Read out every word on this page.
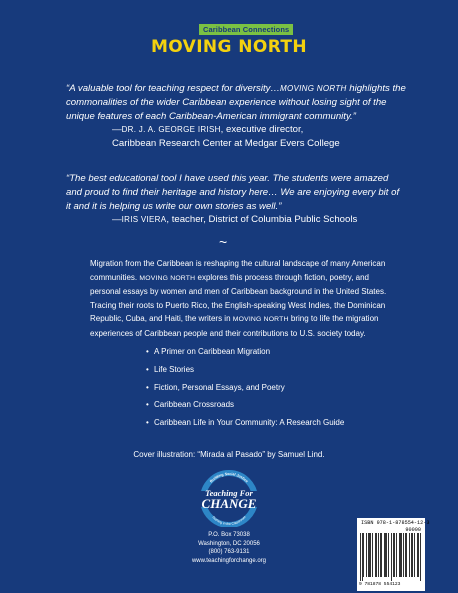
Caribbean Connections
MOVING NORTH
“A valuable tool for teaching respect for diversity…MOVING NORTH highlights the commonalities of the wider Caribbean experience without losing sight of the unique features of each Caribbean-American immigrant community.”
—DR. J. A. GEORGE IRISH, executive director,
Caribbean Research Center at Medgar Evers College
“The best educational tool I have used this year. The students were amazed and proud to find their heritage and history here… We are enjoying every bit of it and it is helping us write our own stories as well.”
—IRIS VIERA, teacher, District of Columbia Public Schools
~
Migration from the Caribbean is reshaping the cultural landscape of many American communities. MOVING NORTH explores this process through fiction, poetry, and personal essays by women and men of Caribbean background in the United States. Tracing their roots to Puerto Rico, the English-speaking West Indies, the Dominican Republic, Cuba, and Haiti, the writers in MOVING NORTH bring to life the migration experiences of Caribbean people and their contributions to U.S. society today.
• A Primer on Caribbean Migration
• Life Stories
• Fiction, Personal Essays, and Poetry
• Caribbean Crossroads
• Caribbean Life in Your Community: A Research Guide
Cover illustration: “Mirada al Pasado” by Samuel Lind.
Building Social Justice
Starting in the Classroom
Teaching For
CHANGE
P.O. Box 73038
Washington, DC 20056
(800) 763-9131
www.teachingforchange.org
ISBN 978-1-878554-12-3
90000
9 781878 554123
